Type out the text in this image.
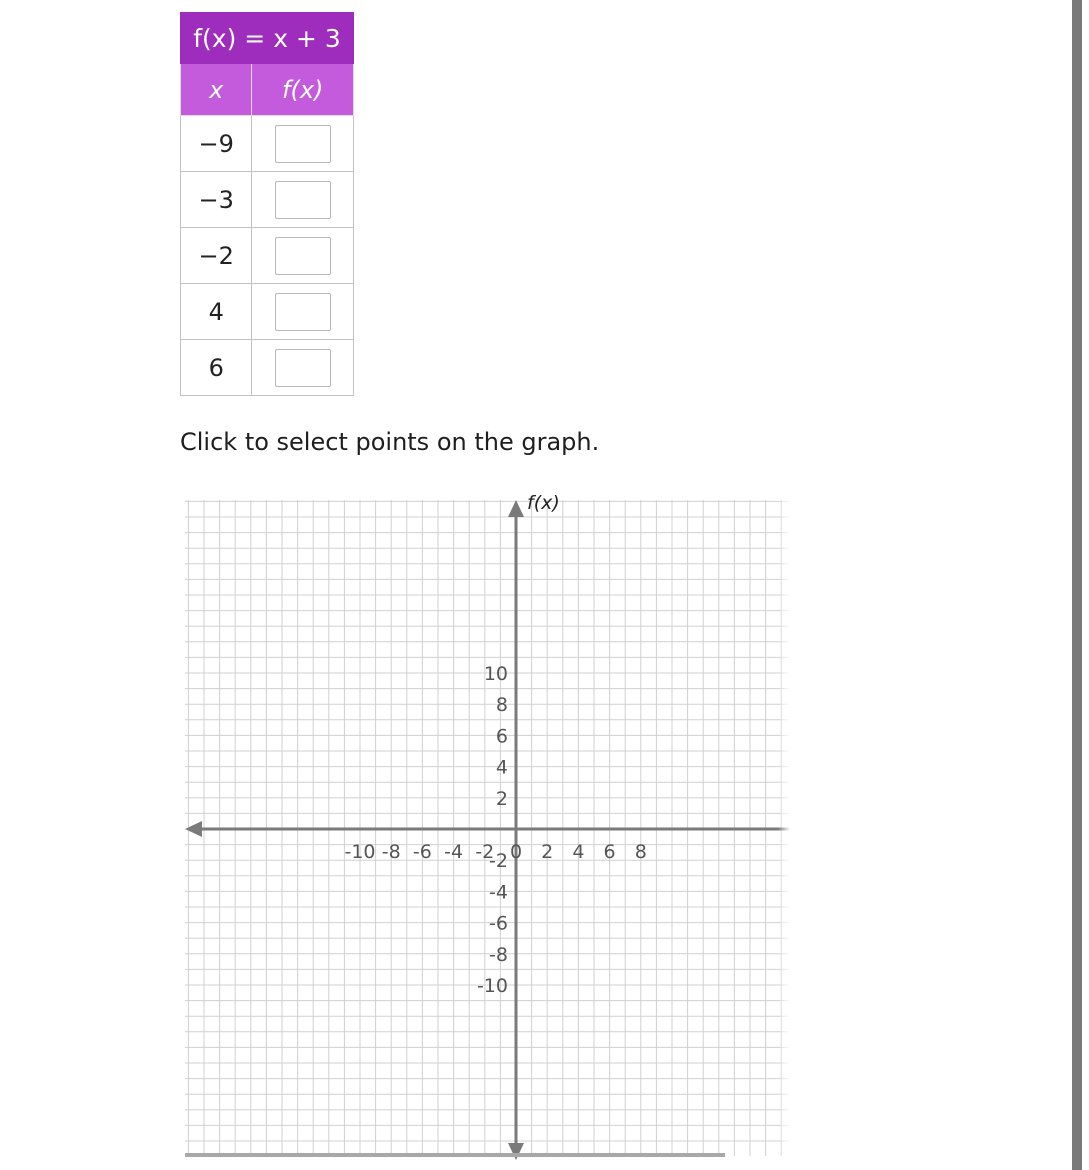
f(x) = x + 3	
x	f(x)
−9	
−3	
−2	
4	
6	

Click to select points on the graph.

-10 -8 -6 -4 -2 0 2 4 6 8
10
8
6
4
2
-2
-4
-6
-8
-10
f(x)
